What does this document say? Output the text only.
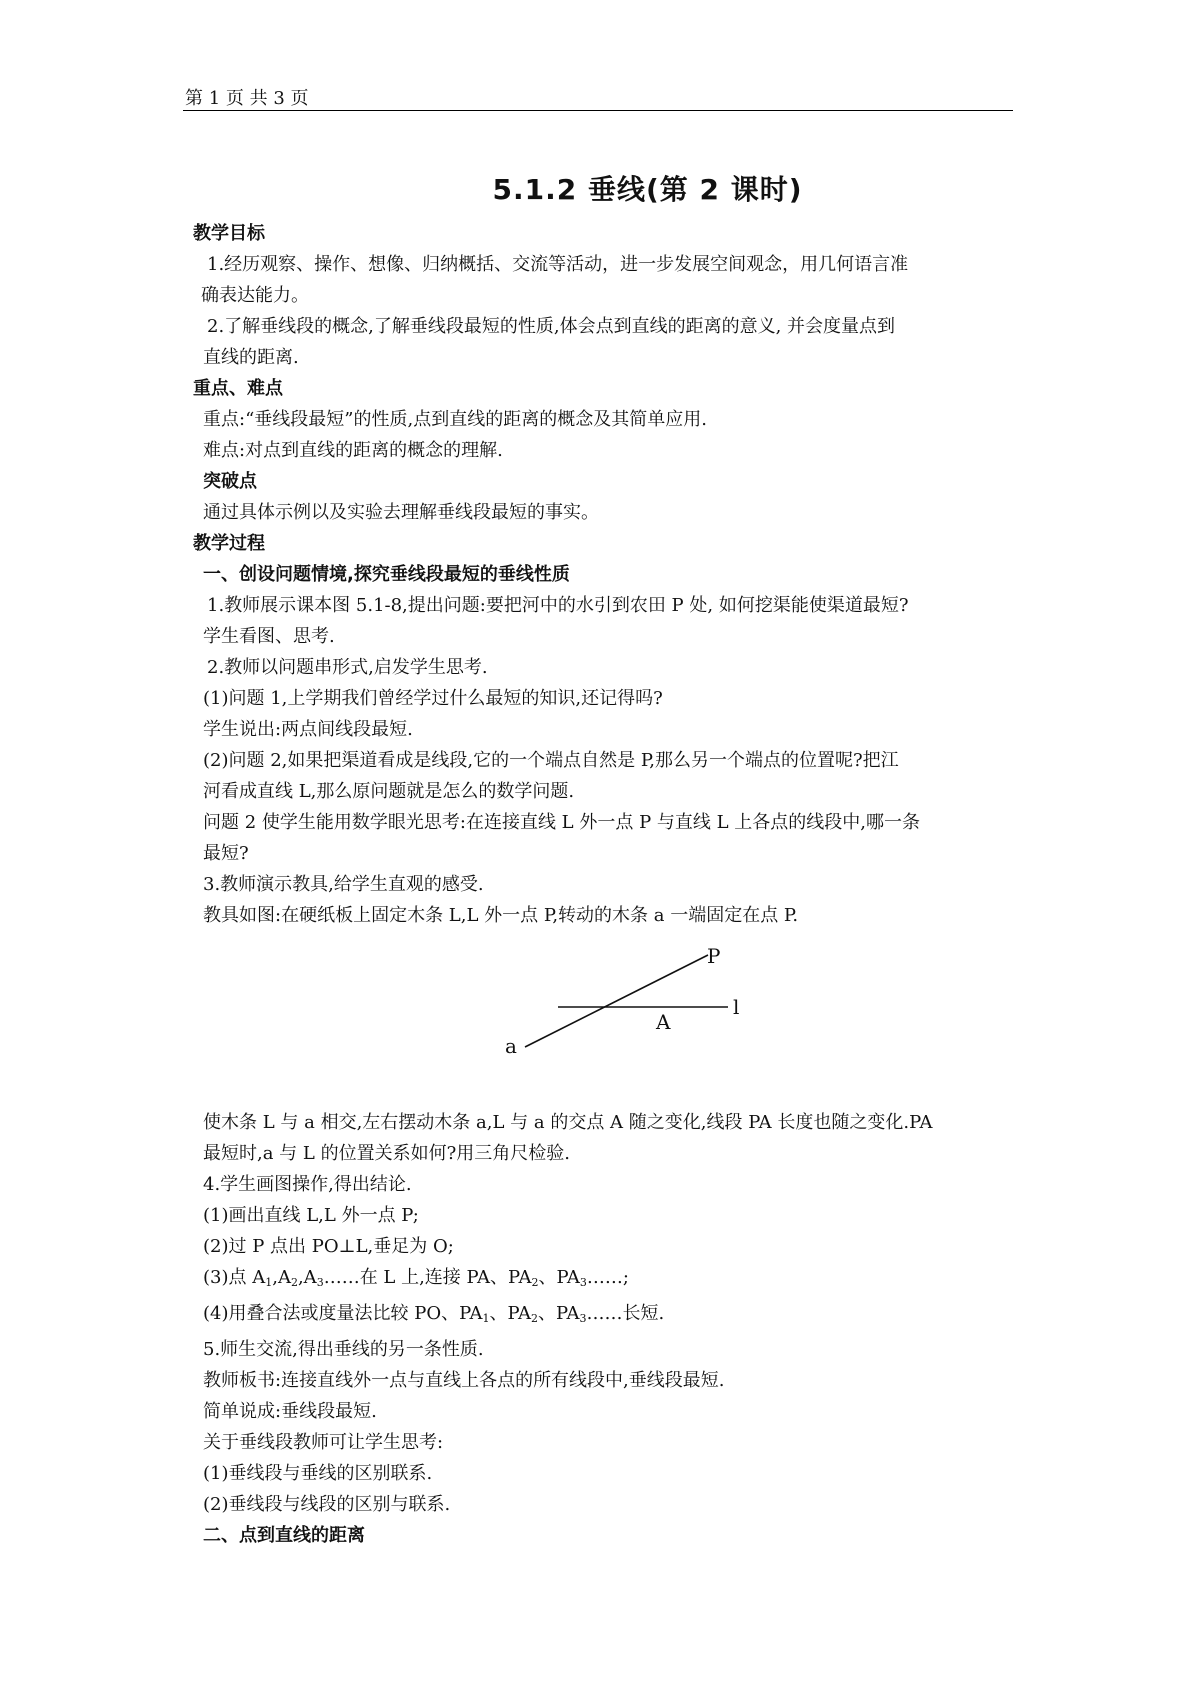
第 1 页 共 3 页
5.1.2 垂线(第 2 课时)

教学目标

1.经历观察、操作、想像、归纳概括、交流等活动，进一步发展空间观念，用几何语言准

确表达能力。

2.了解垂线段的概念,了解垂线段最短的性质,体会点到直线的距离的意义, 并会度量点到

直线的距离.

重点、难点

重点:“垂线段最短”的性质,点到直线的距离的概念及其简单应用.

难点:对点到直线的距离的概念的理解.

突破点

通过具体示例以及实验去理解垂线段最短的事实。

教学过程

一、创设问题情境,探究垂线段最短的垂线性质

1.教师展示课本图 5.1-8,提出问题:要把河中的水引到农田 P 处, 如何挖渠能使渠道最短?

学生看图、思考.

2.教师以问题串形式,启发学生思考.

(1)问题 1,上学期我们曾经学过什么最短的知识,还记得吗?

学生说出:两点间线段最短.

(2)问题 2,如果把渠道看成是线段,它的一个端点自然是 P,那么另一个端点的位置呢?把江

河看成直线 L,那么原问题就是怎么的数学问题.

问题 2 使学生能用数学眼光思考:在连接直线 L 外一点 P 与直线 L 上各点的线段中,哪一条

最短?

3.教师演示教具,给学生直观的感受.

教具如图:在硬纸板上固定木条 L,L 外一点 P,转动的木条 a 一端固定在点 P.

P
l
A
a

使木条 L 与 a 相交,左右摆动木条 a,L 与 a 的交点 A 随之变化,线段 PA 长度也随之变化.PA

最短时,a 与 L 的位置关系如何?用三角尺检验.

4.学生画图操作,得出结论.

(1)画出直线 L,L 外一点 P;

(2)过 P 点出 PO⊥L,垂足为 O;

(3)点 $A_1,A_2,A_3\dots\dots$在 L 上,连接 PA、$PA_2$、$PA_3\dots\dots$;

(4)用叠合法或度量法比较 PO、$PA_1$、$PA_2$、$PA_3\dots\dots$长短.

5.师生交流,得出垂线的另一条性质.

教师板书:连接直线外一点与直线上各点的所有线段中,垂线段最短.

简单说成:垂线段最短.

关于垂线段教师可让学生思考:

(1)垂线段与垂线的区别联系.

(2)垂线段与线段的区别与联系.

二、点到直线的距离
